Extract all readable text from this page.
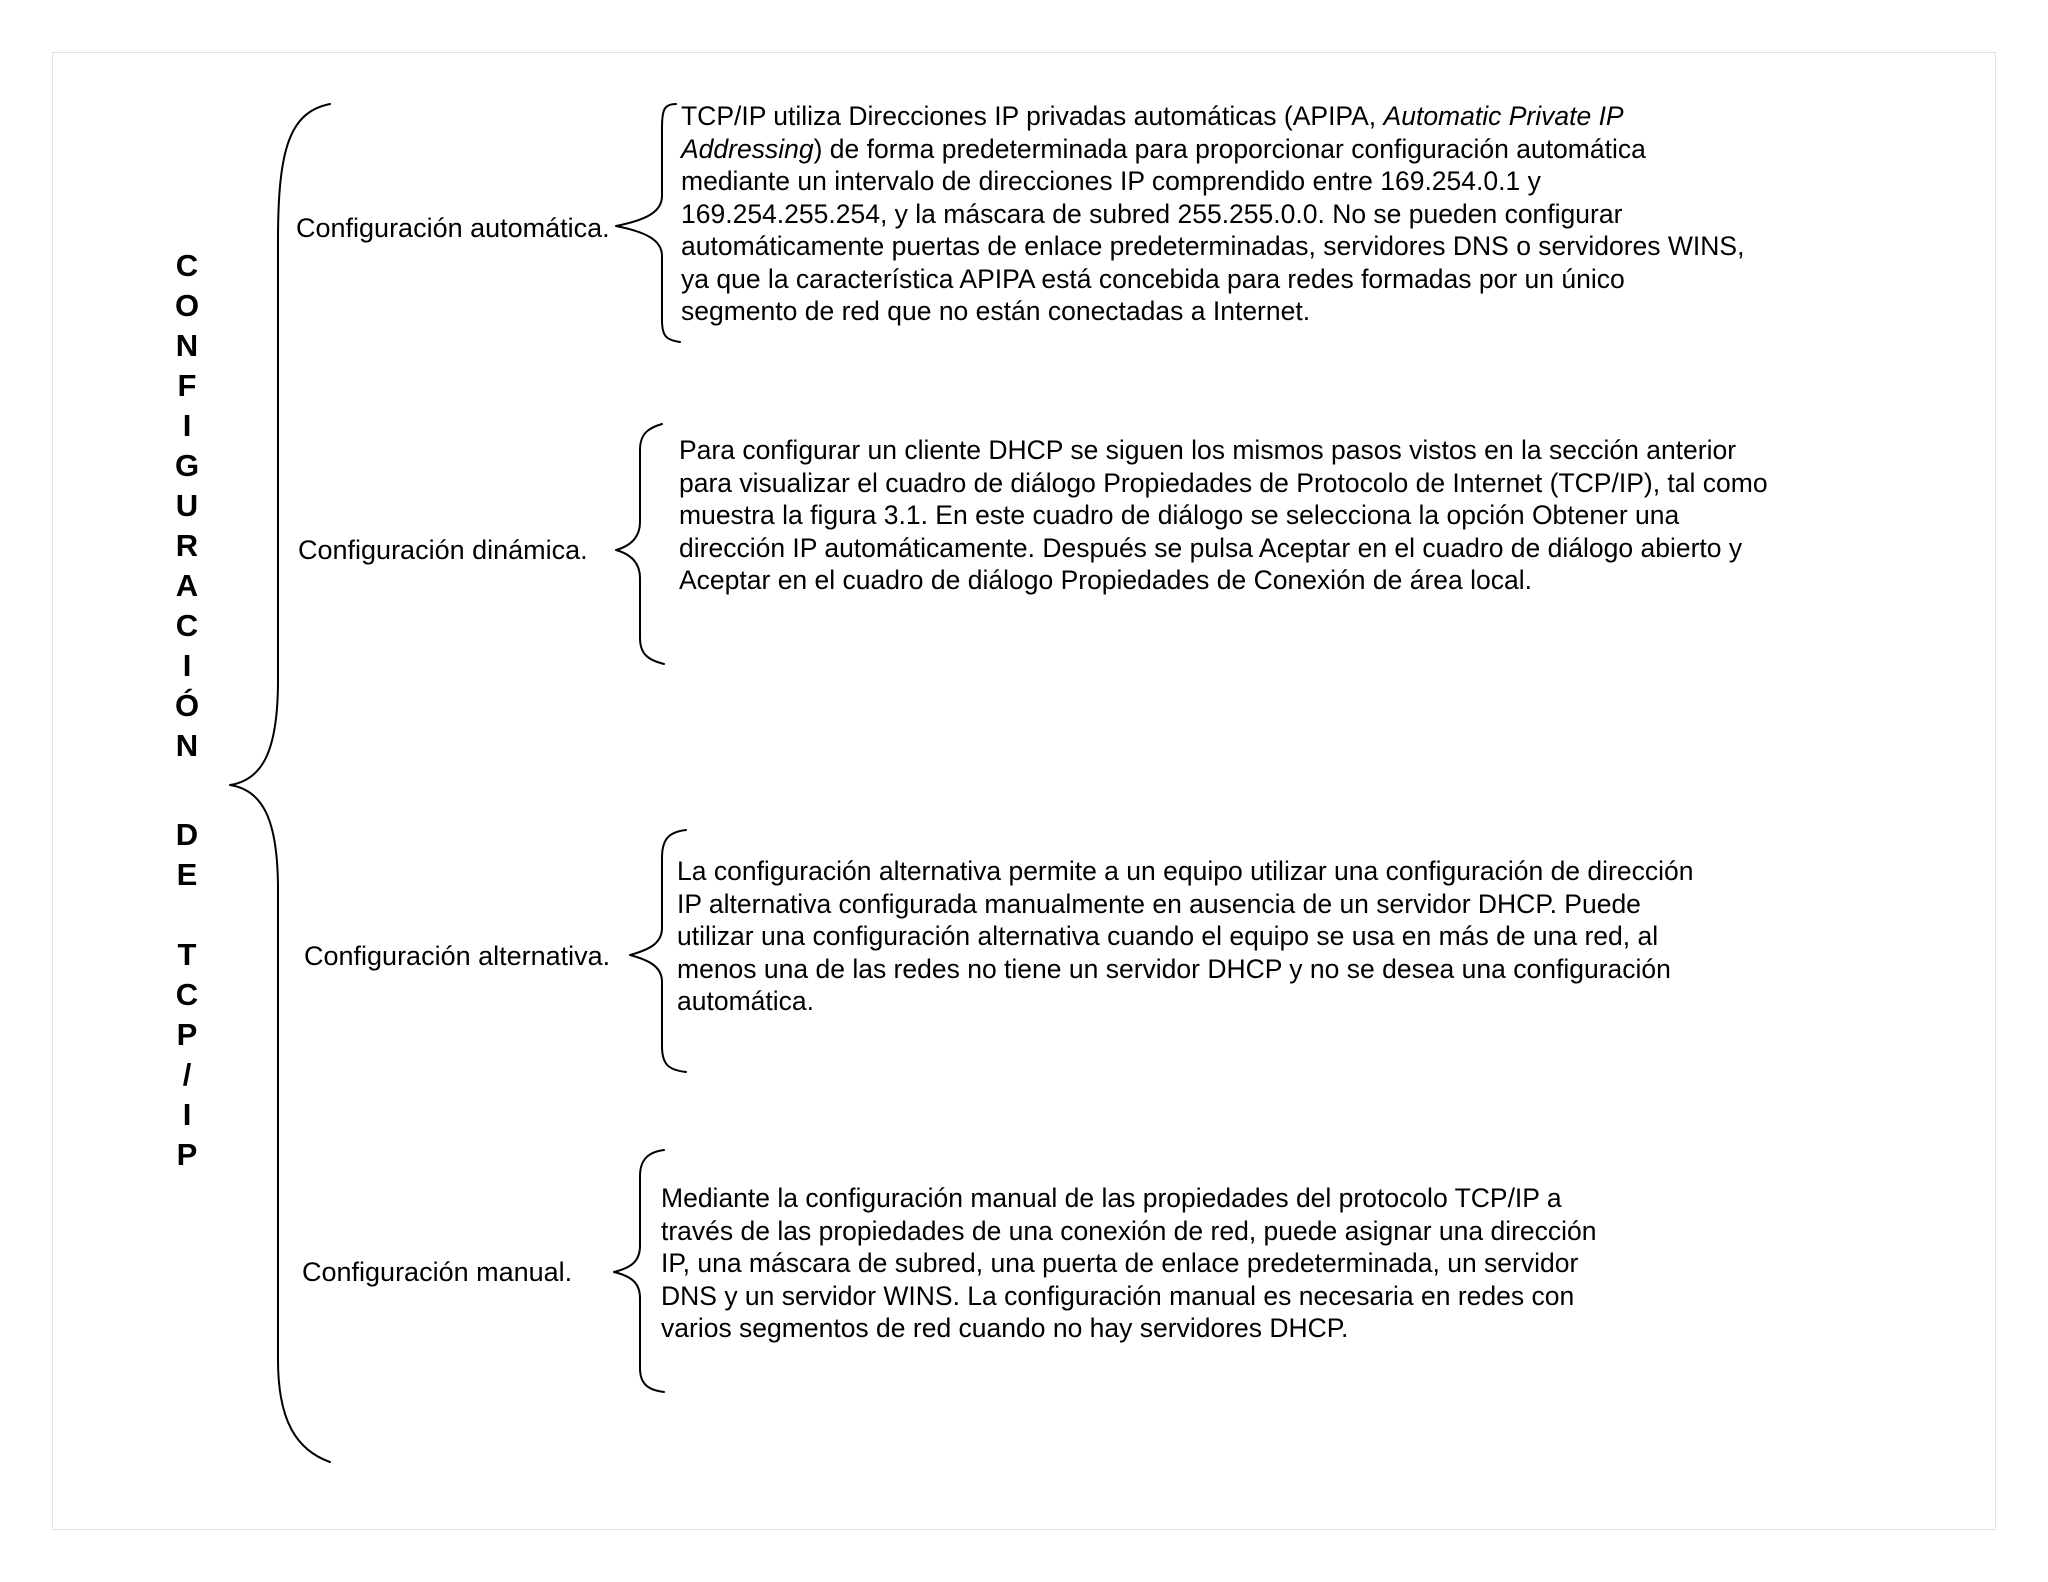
C
O
N
F
I
G
U
R
A
C
I
Ó
N
D
E
T
C
P
/
I
P
Configuración automática.
Configuración dinámica.
Configuración alternativa.
Configuración manual.
TCP/IP utiliza Direcciones IP privadas automáticas (APIPA, Automatic Private IP
Addressing) de forma predeterminada para proporcionar configuración automática
mediante un intervalo de direcciones IP comprendido entre 169.254.0.1 y
169.254.255.254, y la máscara de subred 255.255.0.0. No se pueden configurar
automáticamente puertas de enlace predeterminadas, servidores DNS o servidores WINS,
ya que la característica APIPA está concebida para redes formadas por un único
segmento de red que no están conectadas a Internet.
Para configurar un cliente DHCP se siguen los mismos pasos vistos en la sección anterior
para visualizar el cuadro de diálogo Propiedades de Protocolo de Internet (TCP/IP), tal como
muestra la figura 3.1. En este cuadro de diálogo se selecciona la opción Obtener una
dirección IP automáticamente. Después se pulsa Aceptar en el cuadro de diálogo abierto y
Aceptar en el cuadro de diálogo Propiedades de Conexión de área local.
La configuración alternativa permite a un equipo utilizar una configuración de dirección
IP alternativa configurada manualmente en ausencia de un servidor DHCP. Puede
utilizar una configuración alternativa cuando el equipo se usa en más de una red, al
menos una de las redes no tiene un servidor DHCP y no se desea una configuración
automática.
Mediante la configuración manual de las propiedades del protocolo TCP/IP a
través de las propiedades de una conexión de red, puede asignar una dirección
IP, una máscara de subred, una puerta de enlace predeterminada, un servidor
DNS y un servidor WINS. La configuración manual es necesaria en redes con
varios segmentos de red cuando no hay servidores DHCP.
